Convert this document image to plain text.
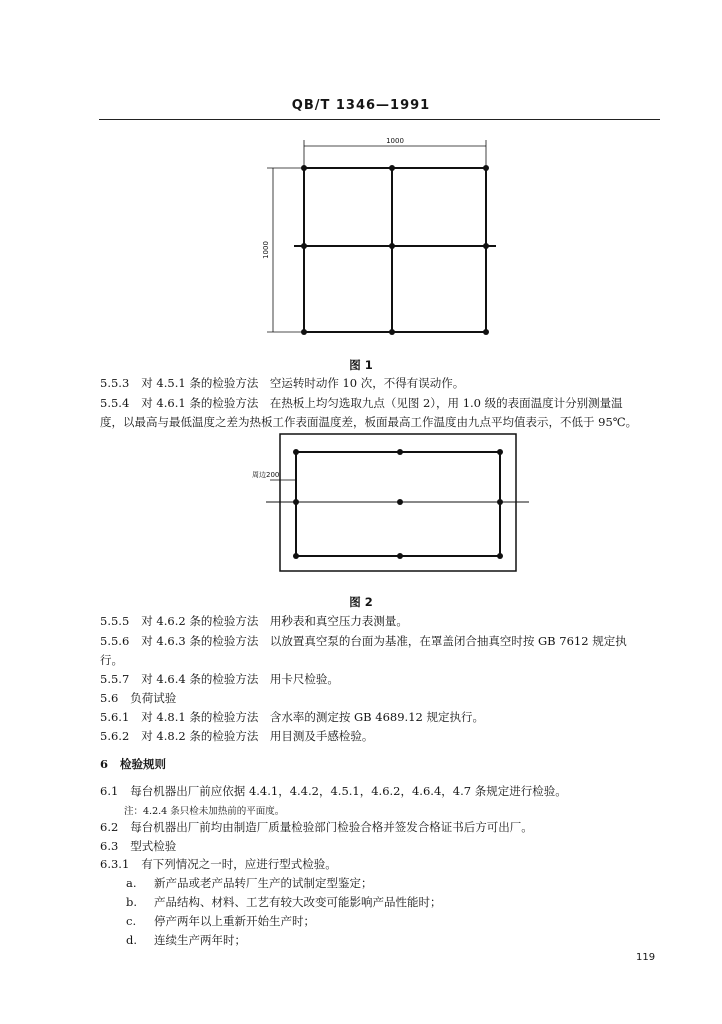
QB/T 1346—1991
1000
1000
周边200
图 1
5.5.3 对 4.5.1 条的检验方法　空运转时动作 10 次，不得有误动作。
5.5.4 对 4.6.1 条的检验方法　在热板上均匀选取九点（见图 2），用 1.0 级的表面温度计分别测量温
度，以最高与最低温度之差为热板工作表面温度差，板面最高工作温度由九点平均值表示，不低于 95℃。
图 2
5.5.5 对 4.6.2 条的检验方法　用秒表和真空压力表测量。
5.5.6 对 4.6.3 条的检验方法　以放置真空泵的台面为基准，在罩盖闭合抽真空时按 GB 7612 规定执
行。
5.5.7 对 4.6.4 条的检验方法　用卡尺检验。
5.6 负荷试验
5.6.1 对 4.8.1 条的检验方法　含水率的测定按 GB 4689.12 规定执行。
5.6.2 对 4.8.2 条的检验方法　用目测及手感检验。
6 检验规则
6.1 每台机器出厂前应依据 4.4.1，4.4.2，4.5.1，4.6.2，4.6.4，4.7 条规定进行检验。
注：4.2.4 条只检未加热前的平面度。
6.2 每台机器出厂前均由制造厂质量检验部门检验合格并签发合格证书后方可出厂。
6.3 型式检验
6.3.1 有下列情况之一时，应进行型式检验。
a. 新产品或老产品转厂生产的试制定型鉴定；
b. 产品结构、材料、工艺有较大改变可能影响产品性能时；
c. 停产两年以上重新开始生产时；
d. 连续生产两年时；
119
